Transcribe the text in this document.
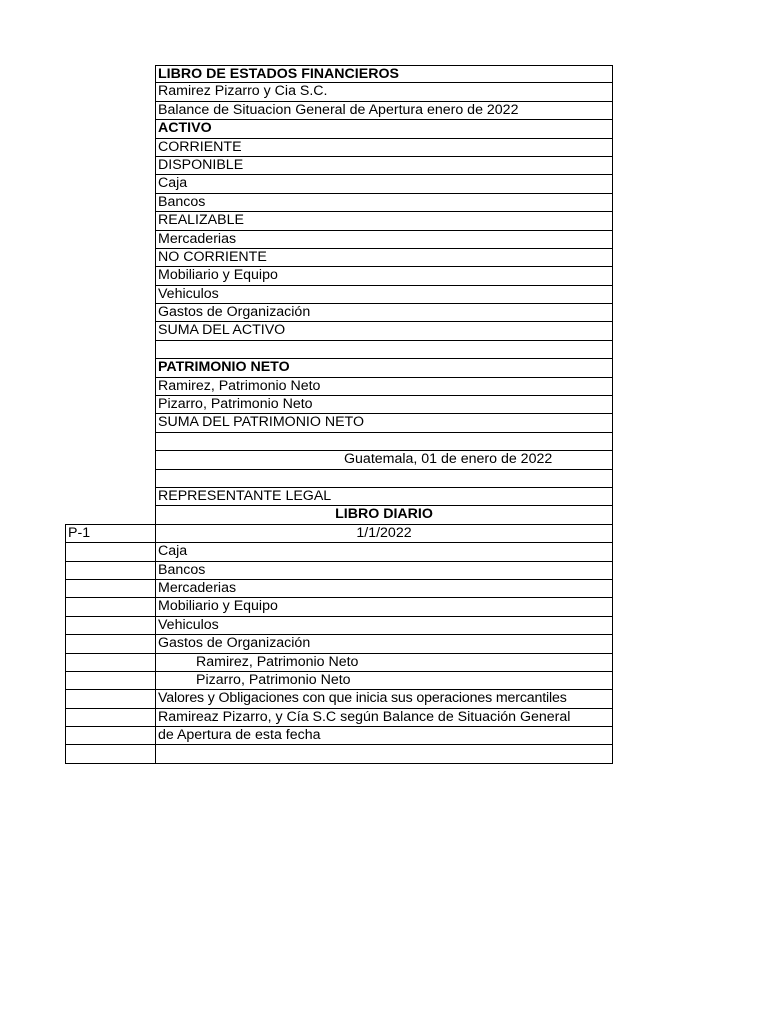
LIBRO DE ESTADOS FINANCIEROS
Ramirez Pizarro y Cia S.C.
Balance de Situacion General de Apertura enero de 2022
ACTIVO
CORRIENTE
DISPONIBLE
Caja
Bancos
REALIZABLE
Mercaderias
NO CORRIENTE
Mobiliario y Equipo
Vehiculos
Gastos de Organización
SUMA DEL ACTIVO
PATRIMONIO NETO
Ramirez, Patrimonio Neto
Pizarro, Patrimonio Neto
SUMA DEL PATRIMONIO NETO
Guatemala, 01 de enero de 2022
REPRESENTANTE LEGAL
LIBRO DIARIO
P-1	1/1/2022
Caja
Bancos
Mercaderias
Mobiliario y Equipo
Vehiculos
Gastos de Organización
Ramirez, Patrimonio Neto
Pizarro, Patrimonio Neto
Valores y Obligaciones con que inicia sus operaciones mercantiles
Ramireaz Pizarro, y Cía S.C según Balance de Situación General
de Apertura de esta fecha
